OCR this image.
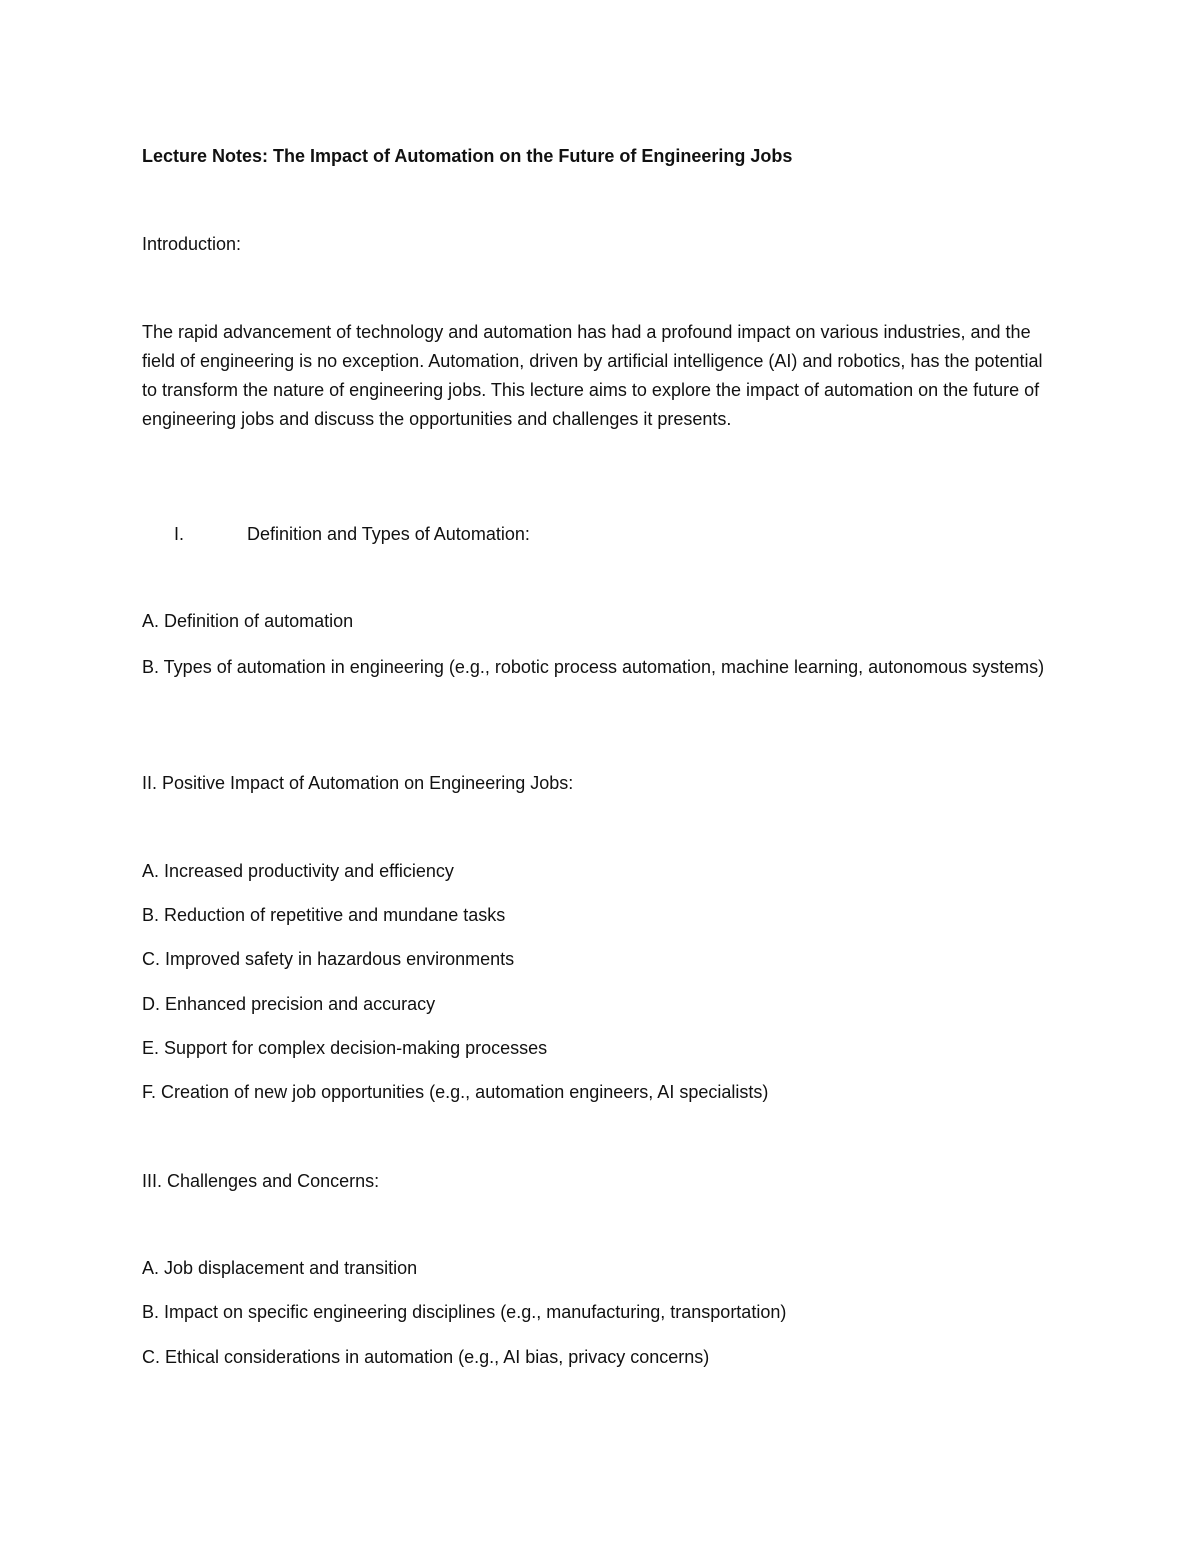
Lecture Notes: The Impact of Automation on the Future of Engineering Jobs

Introduction:

The rapid advancement of technology and automation has had a profound impact on various industries, and the field of engineering is no exception. Automation, driven by artificial intelligence (AI) and robotics, has the potential to transform the nature of engineering jobs. This lecture aims to explore the impact of automation on the future of engineering jobs and discuss the opportunities and challenges it presents.

I.	Definition and Types of Automation:

A. Definition of automation

B. Types of automation in engineering (e.g., robotic process automation, machine learning, autonomous systems)

II. Positive Impact of Automation on Engineering Jobs:

A. Increased productivity and efficiency

B. Reduction of repetitive and mundane tasks

C. Improved safety in hazardous environments

D. Enhanced precision and accuracy

E. Support for complex decision-making processes

F. Creation of new job opportunities (e.g., automation engineers, AI specialists)

III. Challenges and Concerns:

A. Job displacement and transition

B. Impact on specific engineering disciplines (e.g., manufacturing, transportation)

C. Ethical considerations in automation (e.g., AI bias, privacy concerns)
